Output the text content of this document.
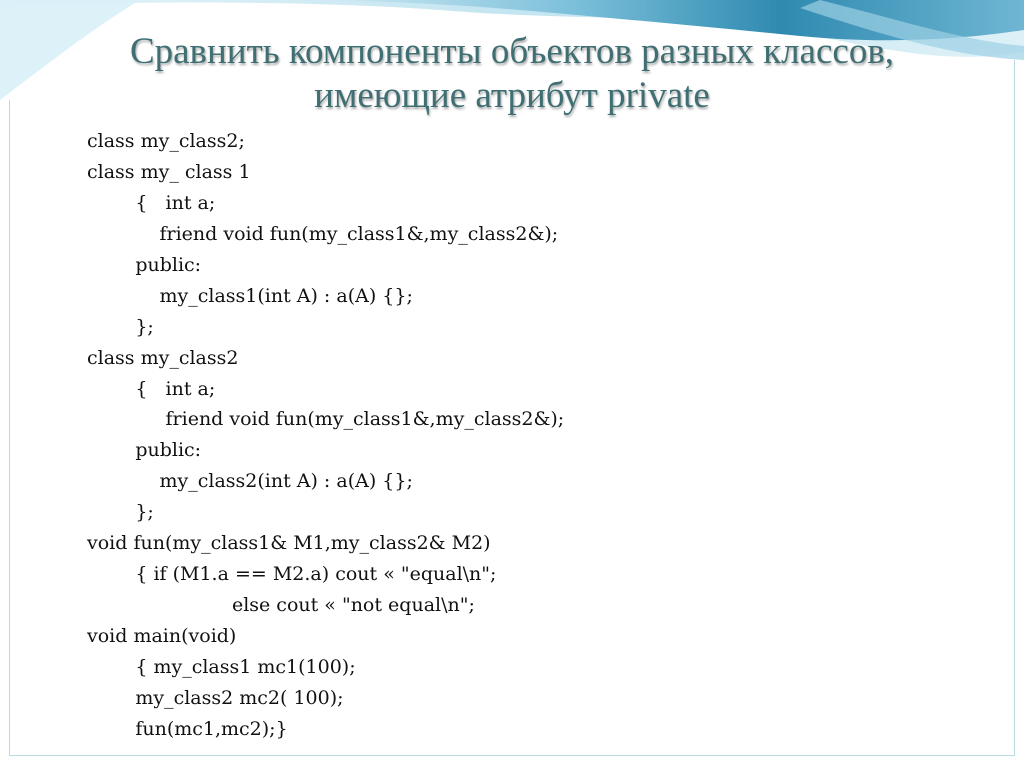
Сравнить компоненты объектов разных классов,
имеющие атрибут private
class my_class2;
class my_ class 1
{   int a;
friend void fun(my_class1&,my_class2&);
public:
my_class1(int A) : a(A) {};
};
class my_class2
{   int a;
friend void fun(my_class1&,my_class2&);
public:
my_class2(int A) : a(A) {};
};
void fun(my_class1& M1,my_class2& M2)
{ if (M1.a == M2.a) cout « "equal\n";
else cout « "not equal\n";
void main(void)
{ my_class1 mc1(100);
my_class2 mc2( 100);
fun(mc1,mc2);}
